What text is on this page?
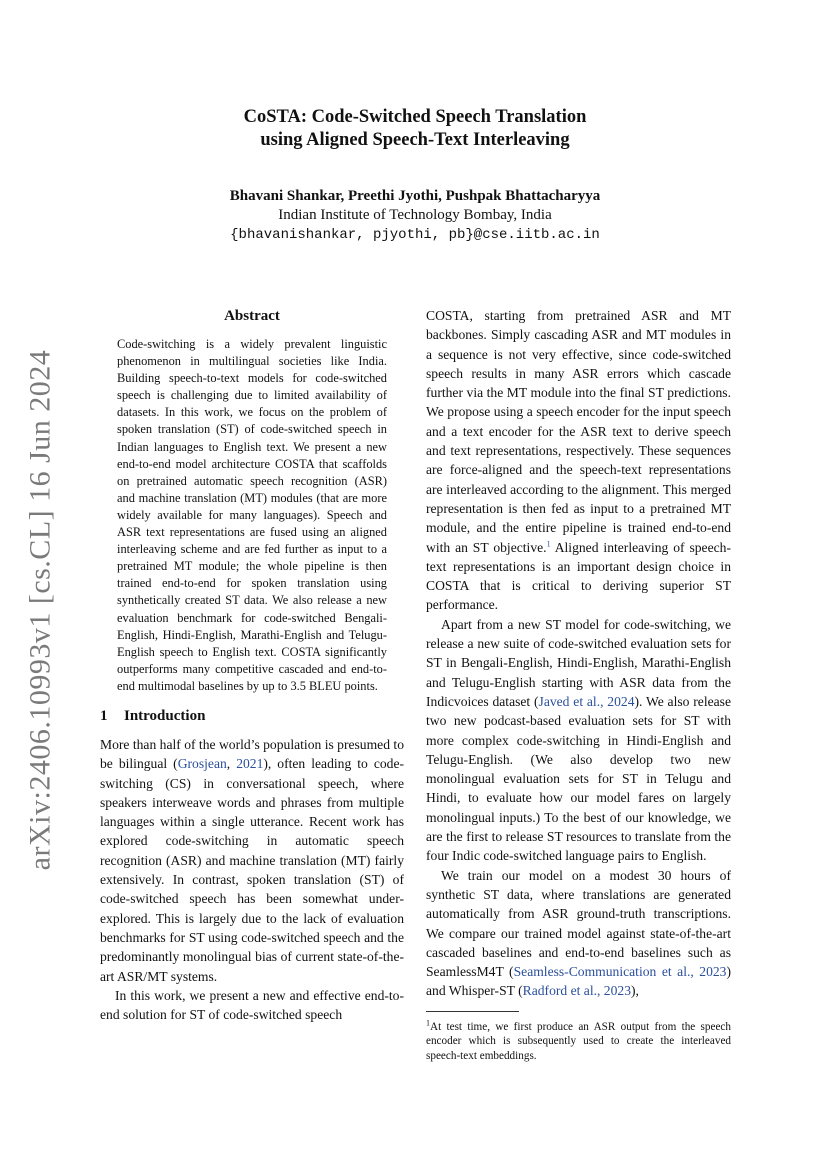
arXiv:2406.10993v1 [cs.CL] 16 Jun 2024
CoSTA: Code-Switched Speech Translation
using Aligned Speech-Text Interleaving
Bhavani Shankar, Preethi Jyothi, Pushpak Bhattacharyya
Indian Institute of Technology Bombay, India
{bhavanishankar, pjyothi, pb}@cse.iitb.ac.in
Abstract
Code-switching is a widely prevalent linguistic phenomenon in multilingual societies like India. Building speech-to-text models for code-switched speech is challenging due to limited availability of datasets. In this work, we focus on the problem of spoken translation (ST) of code-switched speech in Indian languages to English text. We present a new end-to-end model architecture COSTA that scaffolds on pretrained automatic speech recognition (ASR) and machine translation (MT) modules (that are more widely available for many languages). Speech and ASR text representations are fused using an aligned interleaving scheme and are fed further as input to a pretrained MT module; the whole pipeline is then trained end-to-end for spoken translation using synthetically created ST data. We also release a new evaluation benchmark for code-switched Bengali-English, Hindi-English, Marathi-English and Telugu-English speech to English text. COSTA significantly outperforms many competitive cascaded and end-to-end multimodal baselines by up to 3.5 BLEU points.
1 Introduction

More than half of the world’s population is presumed to be bilingual (Grosjean, 2021), often leading to code-switching (CS) in conversational speech, where speakers interweave words and phrases from multiple languages within a single utterance. Recent work has explored code-switching in automatic speech recognition (ASR) and machine translation (MT) fairly extensively. In contrast, spoken translation (ST) of code-switched speech has been somewhat under-explored. This is largely due to the lack of evaluation benchmarks for ST using code-switched speech and the predominantly monolingual bias of current state-of-the-art ASR/MT systems.

In this work, we present a new and effective end-to-end solution for ST of code-switched speech

COSTA, starting from pretrained ASR and MT backbones. Simply cascading ASR and MT modules in a sequence is not very effective, since code-switched speech results in many ASR errors which cascade further via the MT module into the final ST predictions. We propose using a speech encoder for the input speech and a text encoder for the ASR text to derive speech and text representations, respectively. These sequences are force-aligned and the speech-text representations are interleaved according to the alignment. This merged representation is then fed as input to a pretrained MT module, and the entire pipeline is trained end-to-end with an ST objective.$^1$ Aligned interleaving of speech-text representations is an important design choice in COSTA that is critical to deriving superior ST performance.

Apart from a new ST model for code-switching, we release a new suite of code-switched evaluation sets for ST in Bengali-English, Hindi-English, Marathi-English and Telugu-English starting with ASR data from the Indicvoices dataset (Javed et al., 2024). We also release two new podcast-based evaluation sets for ST with more complex code-switching in Hindi-English and Telugu-English. (We also develop two new monolingual evaluation sets for ST in Telugu and Hindi, to evaluate how our model fares on largely monolingual inputs.) To the best of our knowledge, we are the first to release ST resources to translate from the four Indic code-switched language pairs to English.

We train our model on a modest 30 hours of synthetic ST data, where translations are generated automatically from ASR ground-truth transcriptions. We compare our trained model against state-of-the-art cascaded baselines and end-to-end baselines such as SeamlessM4T (Seamless-Communication et al., 2023) and Whisper-ST (Radford et al., 2023),

$^1$At test time, we first produce an ASR output from the speech encoder which is subsequently used to create the interleaved speech-text embeddings.
